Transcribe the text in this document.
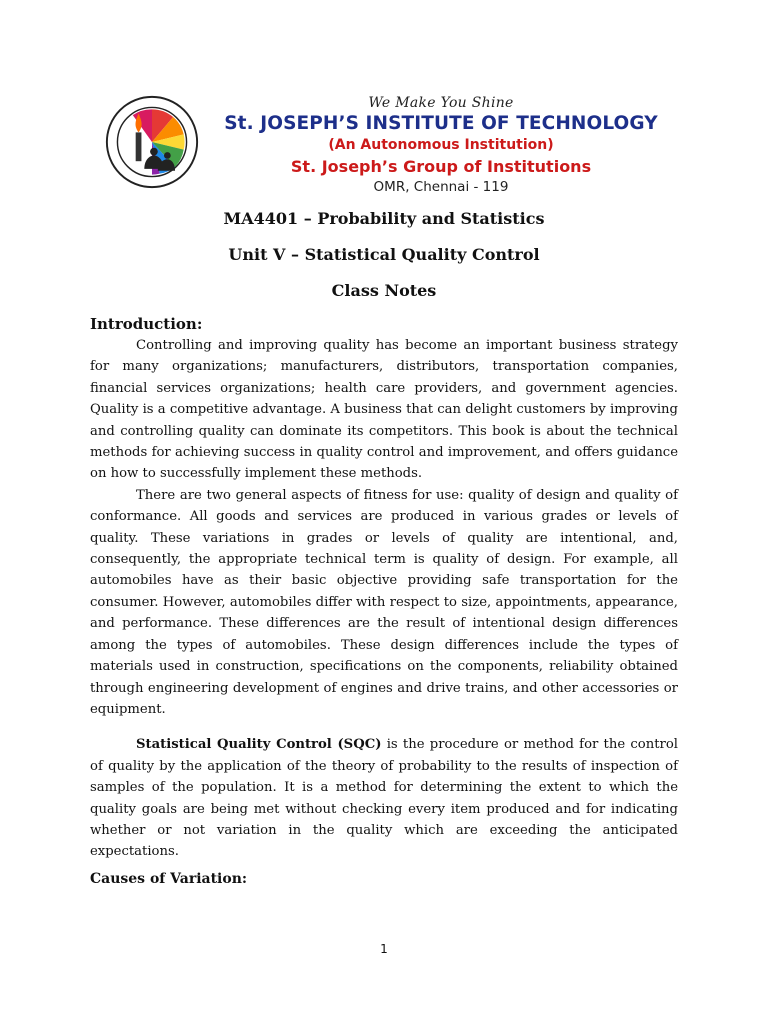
We Make You Shine
St. JOSEPH’S INSTITUTE OF TECHNOLOGY
(An Autonomous Institution)
St. Joseph’s Group of Institutions
OMR, Chennai - 119
MA4401 – Probability and Statistics
Unit V – Statistical Quality Control
Class Notes
Introduction:

Controlling and improving quality has become an important business strategy for many organizations; manufacturers, distributors, transportation companies, financial services organizations; health care providers, and government agencies. Quality is a competitive advantage. A business that can delight customers by improving and controlling quality can dominate its competitors. This book is about the technical methods for achieving success in quality control and improvement, and offers guidance on how to successfully implement these methods.

There are two general aspects of fitness for use: quality of design and quality of conformance. All goods and services are produced in various grades or levels of quality. These variations in grades or levels of quality are intentional, and, consequently, the appropriate technical term is quality of design. For example, all automobiles have as their basic objective providing safe transportation for the consumer. However, automobiles differ with respect to size, appointments, appearance, and performance. These differences are the result of intentional design differences among the types of automobiles. These design differences include the types of materials used in construction, specifications on the components, reliability obtained through engineering development of engines and drive trains, and other accessories or equipment.

Statistical Quality Control (SQC) is the procedure or method for the control of quality by the application of the theory of probability to the results of inspection of samples of the population. It is a method for determining the extent to which the quality goals are being met without checking every item produced and for indicating whether or not variation in the quality which are exceeding the anticipated expectations.

Causes of Variation:
1
